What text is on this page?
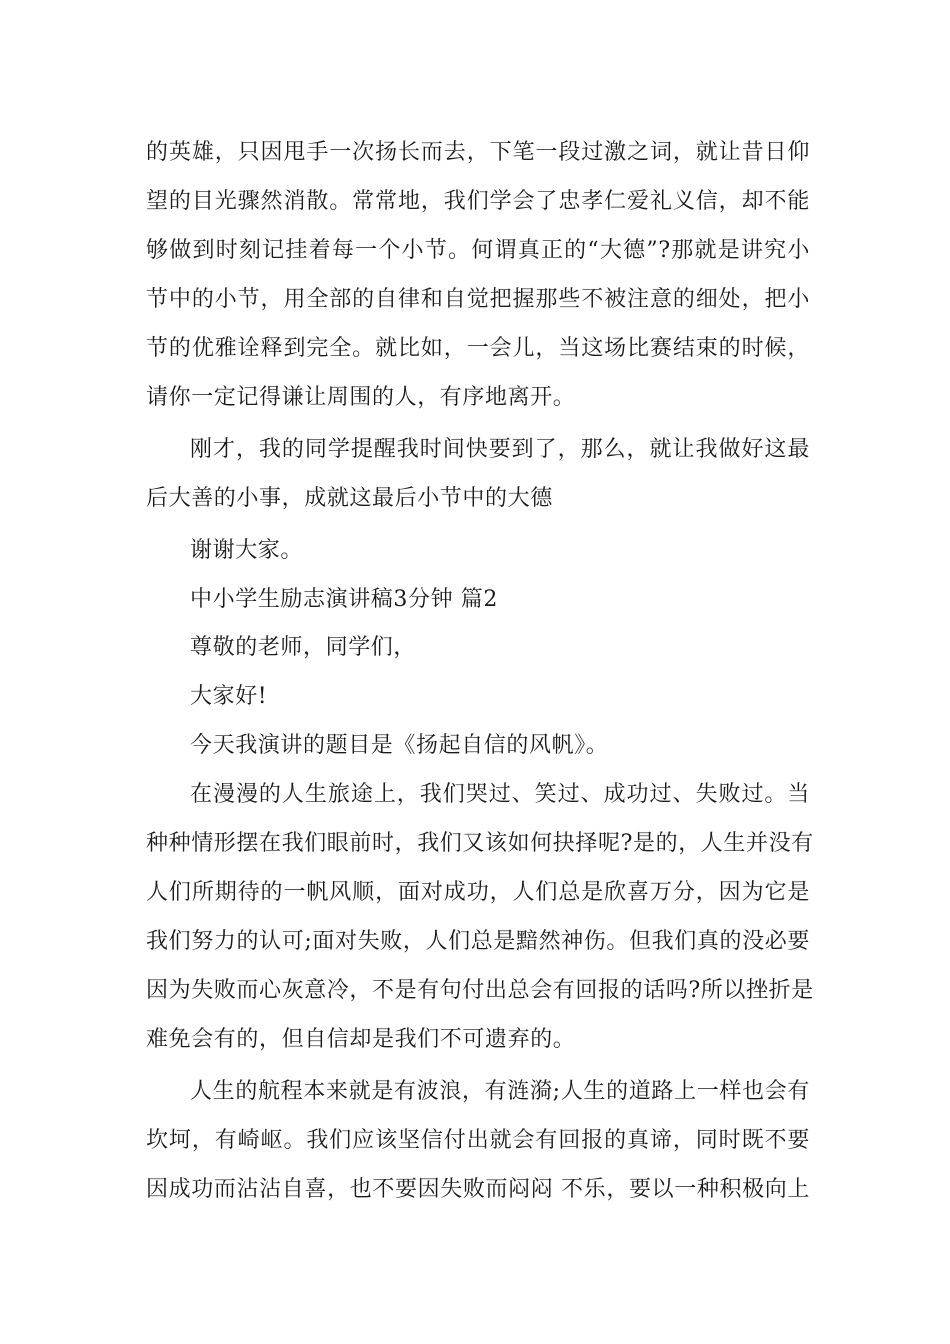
的英雄，只因甩手一次扬长而去，下笔一段过激之词，就让昔日仰
望的目光骤然消散。常常地，我们学会了忠孝仁爱礼义信，却不能
够做到时刻记挂着每一个小节。何谓真正的“大德”?那就是讲究小
节中的小节，用全部的自律和自觉把握那些不被注意的细处，把小
节的优雅诠释到完全。就比如，一会儿，当这场比赛结束的时候，
请你一定记得谦让周围的人，有序地离开。
刚才，我的同学提醒我时间快要到了，那么，就让我做好这最
后大善的小事，成就这最后小节中的大德
谢谢大家。
中小学生励志演讲稿3分钟 篇2
尊敬的老师，同学们，
大家好!
今天我演讲的题目是《扬起自信的风帆》。
在漫漫的人生旅途上，我们哭过、笑过、成功过、失败过。当
种种情形摆在我们眼前时，我们又该如何抉择呢?是的，人生并没有
人们所期待的一帆风顺，面对成功，人们总是欣喜万分，因为它是
我们努力的认可;面对失败，人们总是黯然神伤。但我们真的没必要
因为失败而心灰意冷，不是有句付出总会有回报的话吗?所以挫折是
难免会有的，但自信却是我们不可遗弃的。
人生的航程本来就是有波浪，有涟漪;人生的道路上一样也会有
坎坷，有崎岖。我们应该坚信付出就会有回报的真谛，同时既不要
因成功而沾沾自喜，也不要因失败而闷闷 不乐，要以一种积极向上
